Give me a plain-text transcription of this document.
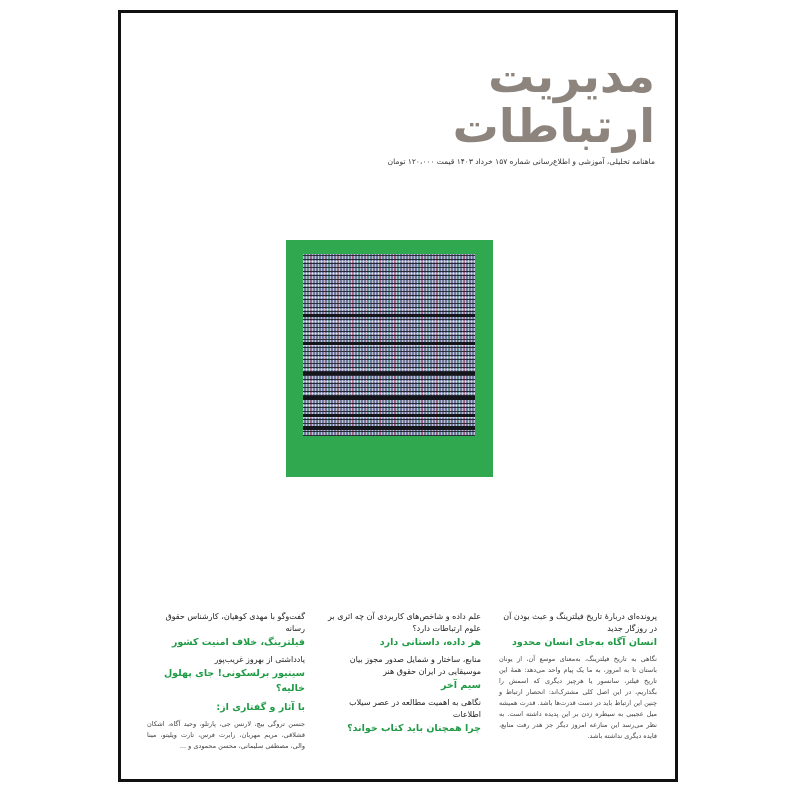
مدیریت
ارتباطات
ماهنامه تحلیلی، آموزشی و اطلاع‌رسانی شماره ۱۵۷ خرداد ۱۴۰۳ قیمت ۱۲۰،۰۰۰ تومان
پرونده‌ای دربارهٔ تاریخ فیلترینگ و عبث بودن آن در روزگار جدید
انسان آگاه به‌جای انسان محدود
نگاهی به تاریخ فیلترینگ، به‌معنای موسع آن، از یونان باستان تا به امروز، به ما یک پیام واحد می‌دهد: همهٔ این تاریخ فیلتر، سانسور یا هرچیز دیگری که اسمش را بگذاریم، در این اصل کلی مشترک‌اند: انحصار ارتباط و چنین این ارتباط باید در دست قدرت‌ها باشد. قدرت همیشه میل عجیبی به سیطره زدن بر این پدیده داشته است. به نظر می‌رسد این منازعه امروز دیگر جز هدر رفت منابع، فایده دیگری نداشته باشد.
علم داده و شاخص‌های کاربردی آن چه اثری بر علوم ارتباطات دارد؟
هر داده، داستانی دارد
منابع، ساختار و شمایل صدور مجوز بیان موسیقایی در ایران حقوق هنر
سیم آخر
نگاهی به اهمیت مطالعه در عصر سیلاب اطلاعات
چرا همچنان باید کتاب خواند؟
گفت‌وگو با مهدی کوهیان، کارشناس حقوق رسانه
فیلترینگ، خلاف امنیت کشور
یادداشتی از بهروز غریب‌پور
سینیور برلسکونی! جای پهلول خالیه؟
با آثار و گفتاری از:
جنسن تروگی بیچ، لارنس جی، پارتلو، وحید آگاه، اشکان قشلاقی، مریم مهربان، رابرت فرس، تارت ویلیتو، مینا والی، مصطفی سلیمانی، محسن محمودی و ...
